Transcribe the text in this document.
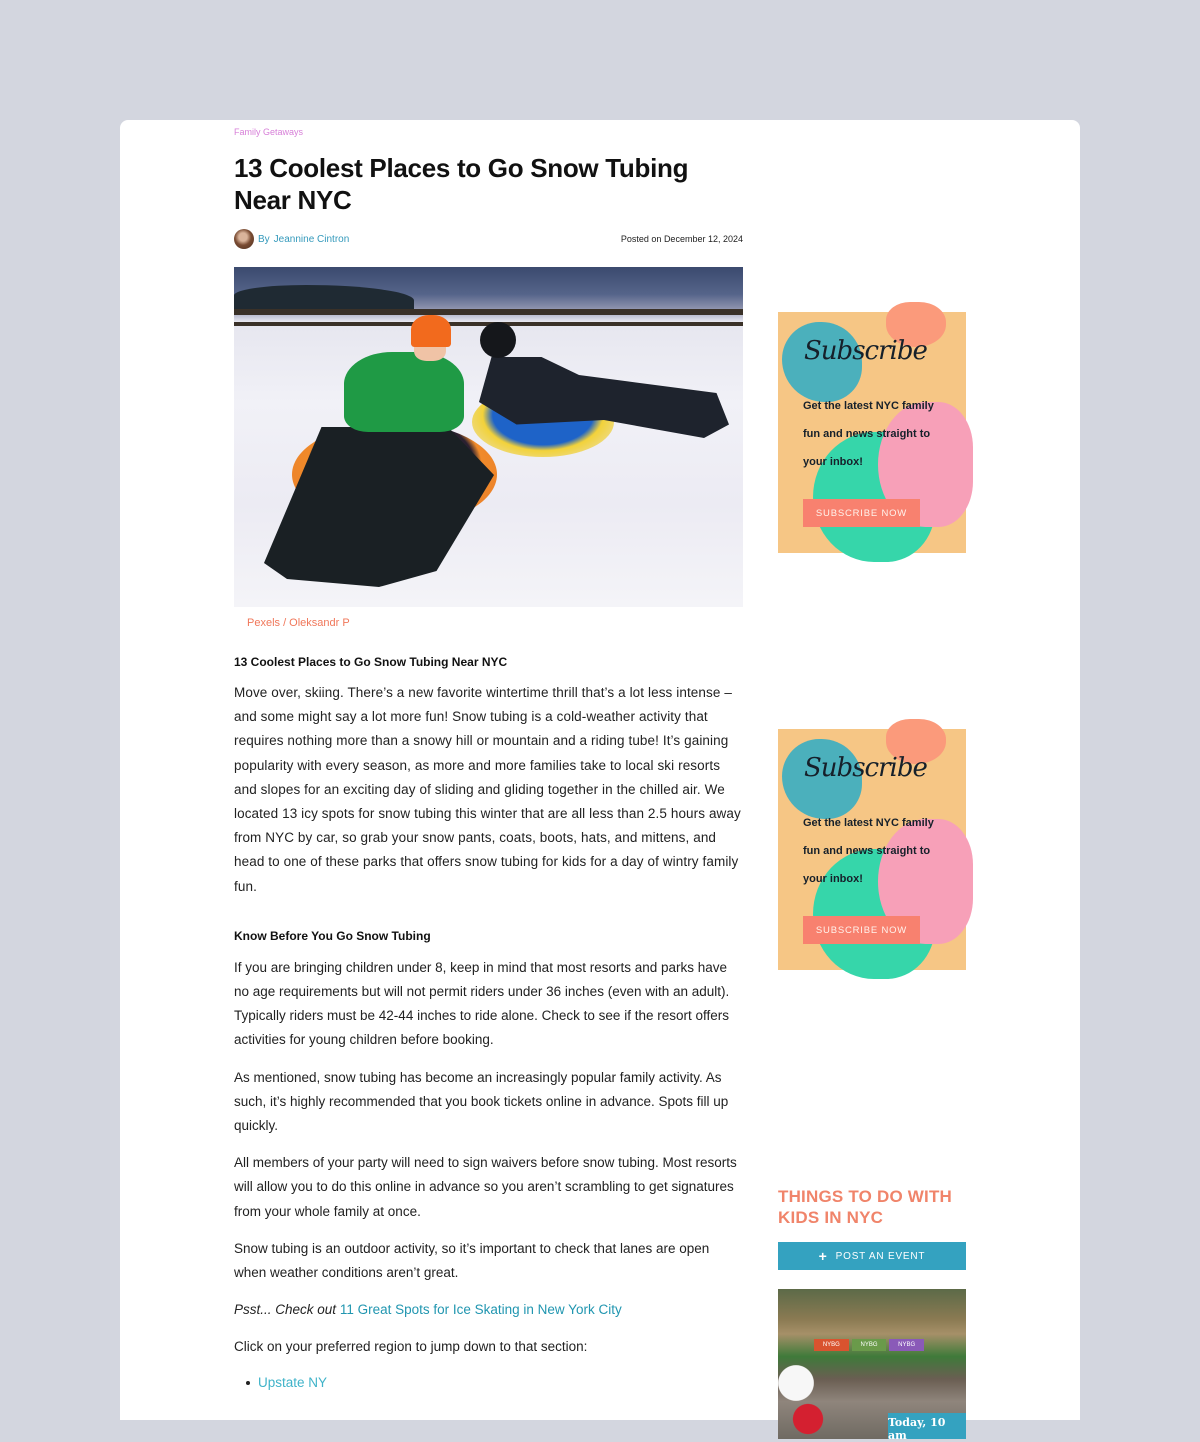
Family Getaways
13 Coolest Places to Go Snow Tubing Near NYC
By Jeannine Cintron	Posted on December 12, 2024
Pexels / Oleksandr P
13 Coolest Places to Go Snow Tubing Near NYC

Move over, skiing. There’s a new favorite wintertime thrill that’s a lot less intense – and some might say a lot more fun! Snow tubing is a cold-weather activity that requires nothing more than a snowy hill or mountain and a riding tube! It’s gaining popularity with every season, as more and more families take to local ski resorts and slopes for an exciting day of sliding and gliding together in the chilled air. We located 13 icy spots for snow tubing this winter that are all less than 2.5 hours away from NYC by car, so grab your snow pants, coats, boots, hats, and mittens, and head to one of these parks that offers snow tubing for kids for a day of wintry family fun.

Know Before You Go Snow Tubing

If you are bringing children under 8, keep in mind that most resorts and parks have no age requirements but will not permit riders under 36 inches (even with an adult). Typically riders must be 42-44 inches to ride alone. Check to see if the resort offers activities for young children before booking.

As mentioned, snow tubing has become an increasingly popular family activity. As such, it’s highly recommended that you book tickets online in advance. Spots fill up quickly.

All members of your party will need to sign waivers before snow tubing. Most resorts will allow you to do this online in advance so you aren’t scrambling to get signatures from your whole family at once.

Snow tubing is an outdoor activity, so it’s important to check that lanes are open when weather conditions aren’t great.

Psst... Check out 11 Great Spots for Ice Skating in New York City

Click on your preferred region to jump down to that section:

Upstate NY
Subscribe
Get the latest NYC family fun and news straight to your inbox!
SUBSCRIBE NOW
Subscribe
Get the latest NYC family fun and news straight to your inbox!
SUBSCRIBE NOW
THINGS TO DO WITH KIDS IN NYC
+ POST AN EVENT
NYBG	NYBG	NYBG
Today, 10 am
